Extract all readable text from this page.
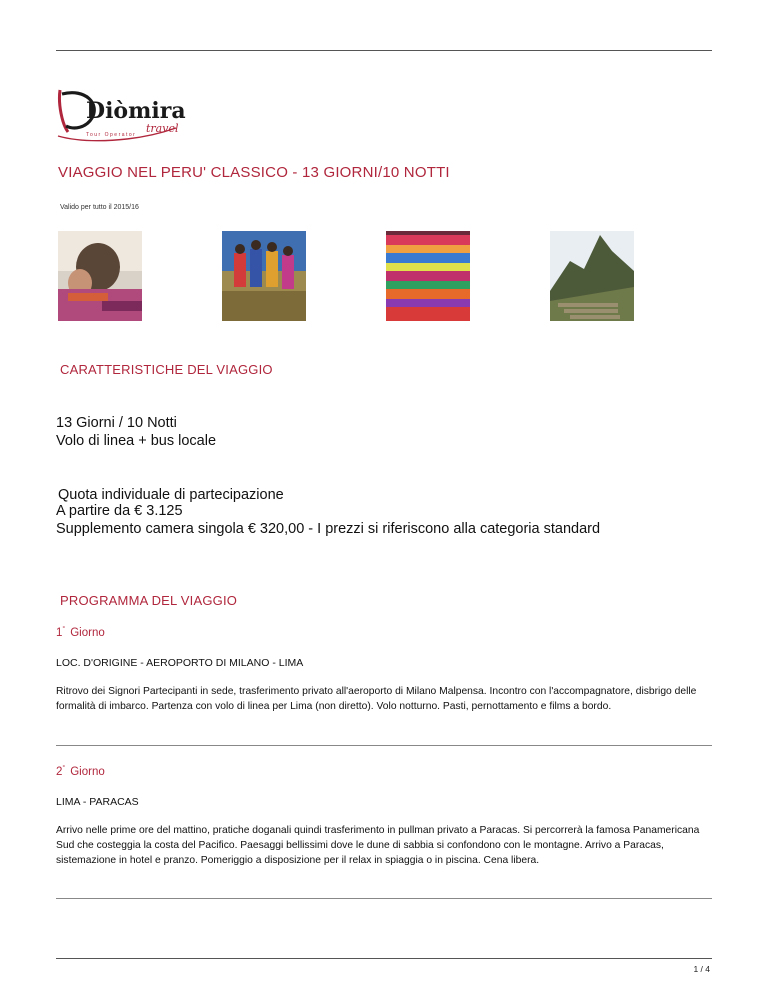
Diòmira
travel
Tour Operator
VIAGGIO NEL PERU' CLASSICO - 13 GIORNI/10 NOTTI
Valido per tutto il 2015/16
CARATTERISTICHE DEL VIAGGIO
13 Giorni / 10 Notti
Volo di linea + bus locale
Quota individuale di partecipazione
A partire da € 3.125
Supplemento camera singola € 320,00 - I prezzi si riferiscono alla categoria standard
PROGRAMMA DEL VIAGGIO
1° Giorno
LOC. D'ORIGINE - AEROPORTO DI MILANO - LIMA
Ritrovo dei Signori Partecipanti in sede, trasferimento privato all'aeroporto di Milano Malpensa. Incontro con l'accompagnatore, disbrigo delle formalità di imbarco. Partenza con volo di linea per Lima (non diretto). Volo notturno. Pasti, pernottamento e films a bordo.
2° Giorno
LIMA - PARACAS
Arrivo nelle prime ore del mattino, pratiche doganali quindi trasferimento in pullman privato a Paracas. Si percorrerà la famosa Panamericana Sud che costeggia la costa del Pacifico. Paesaggi bellissimi dove le dune di sabbia si confondono con le montagne. Arrivo a Paracas, sistemazione in hotel e pranzo. Pomeriggio a disposizione per il relax in spiaggia o in piscina. Cena libera.
1 / 4
